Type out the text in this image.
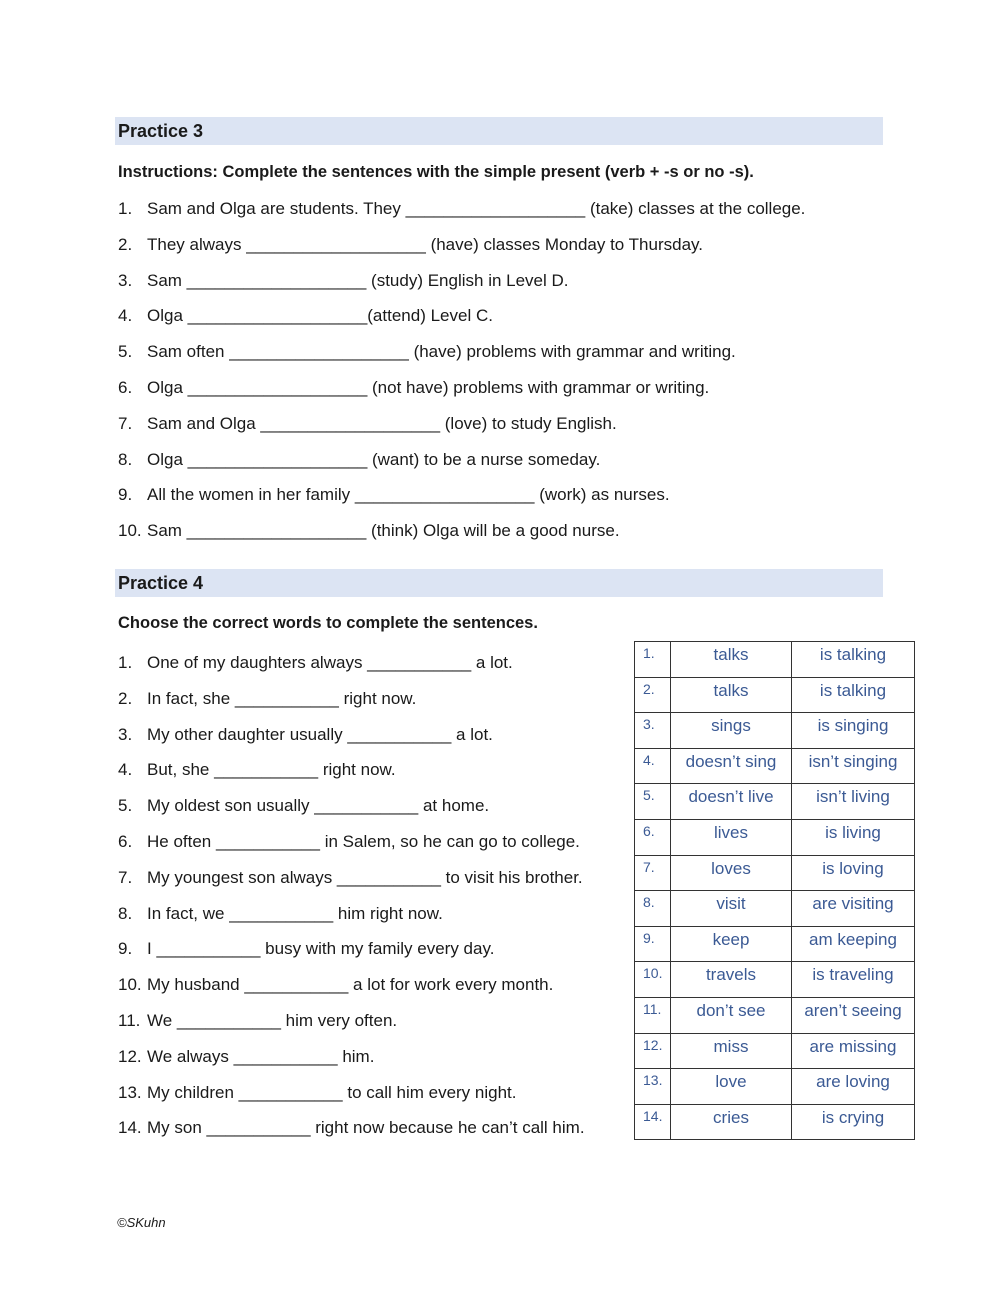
Practice 3
Instructions: Complete the sentences with the simple present (verb + -s or no -s).
1. Sam and Olga are students. They ___________________ (take) classes at the college.
2. They always ___________________ (have) classes Monday to Thursday.
3. Sam ___________________ (study) English in Level D.
4. Olga ___________________(attend) Level C.
5. Sam often ___________________ (have) problems with grammar and writing.
6. Olga ___________________ (not have) problems with grammar or writing.
7. Sam and Olga ___________________ (love) to study English.
8. Olga ___________________ (want) to be a nurse someday.
9. All the women in her family ___________________ (work) as nurses.
10. Sam ___________________ (think) Olga will be a good nurse.
Practice 4
Choose the correct words to complete the sentences.
1. One of my daughters always ___________ a lot.
2. In fact, she ___________ right now.
3. My other daughter usually ___________ a lot.
4. But, she ___________ right now.
5. My oldest son usually ___________ at home.
6. He often ___________ in Salem, so he can go to college.
7. My youngest son always ___________ to visit his brother.
8. In fact, we ___________ him right now.
9. I ___________ busy with my family every day.
10. My husband ___________ a lot for work every month.
11. We ___________ him very often.
12. We always ___________ him.
13. My children ___________ to call him every night.
14. My son ___________ right now because he can’t call him.
1.	talks	is talking
2.	talks	is talking
3.	sings	is singing
4.	doesn’t sing	isn’t singing
5.	doesn’t live	isn’t living
6.	lives	is living
7.	loves	is loving
8.	visit	are visiting
9.	keep	am keeping
10.	travels	is traveling
11.	don’t see	aren’t seeing
12.	miss	are missing
13.	love	are loving
14.	cries	is crying
©SKuhn
